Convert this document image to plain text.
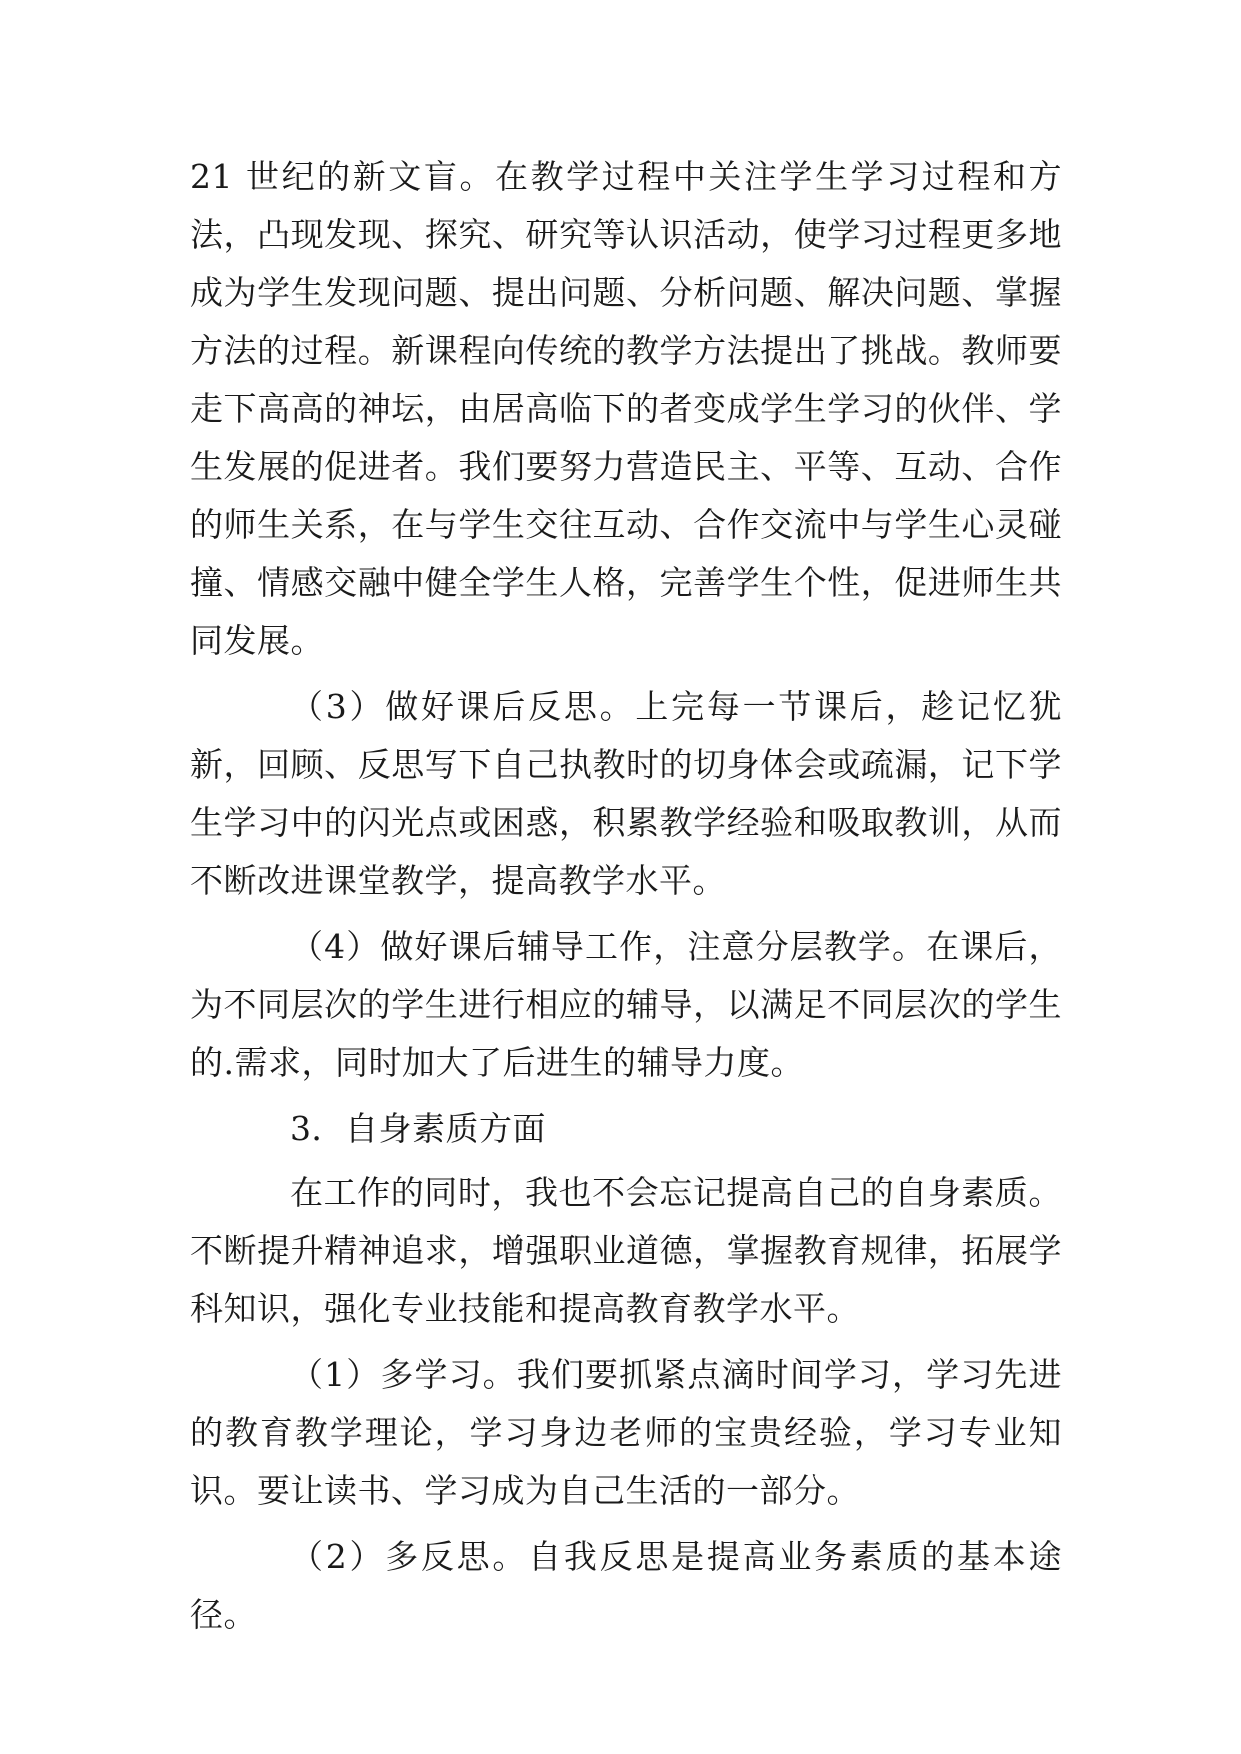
21 世纪的新文盲。在教学过程中关注学生学习过程和方法，凸现发现、探究、研究等认识活动，使学习过程更多地成为学生发现问题、提出问题、分析问题、解决问题、掌握方法的过程。新课程向传统的教学方法提出了挑战。教师要走下高高的神坛，由居高临下的者变成学生学习的伙伴、学生发展的促进者。我们要努力营造民主、平等、互动、合作的师生关系，在与学生交往互动、合作交流中与学生心灵碰撞、情感交融中健全学生人格，完善学生个性，促进师生共同发展。

（3）做好课后反思。上完每一节课后，趁记忆犹新，回顾、反思写下自己执教时的切身体会或疏漏，记下学生学习中的闪光点或困惑，积累教学经验和吸取教训，从而不断改进课堂教学，提高教学水平。

（4）做好课后辅导工作，注意分层教学。在课后，为不同层次的学生进行相应的辅导，以满足不同层次的学生的.需求，同时加大了后进生的辅导力度。

3．自身素质方面

在工作的同时，我也不会忘记提高自己的自身素质。不断提升精神追求，增强职业道德，掌握教育规律，拓展学科知识，强化专业技能和提高教育教学水平。

（1）多学习。我们要抓紧点滴时间学习，学习先进的教育教学理论，学习身边老师的宝贵经验，学习专业知识。要让读书、学习成为自己生活的一部分。

（2）多反思。自我反思是提高业务素质的基本途径。
